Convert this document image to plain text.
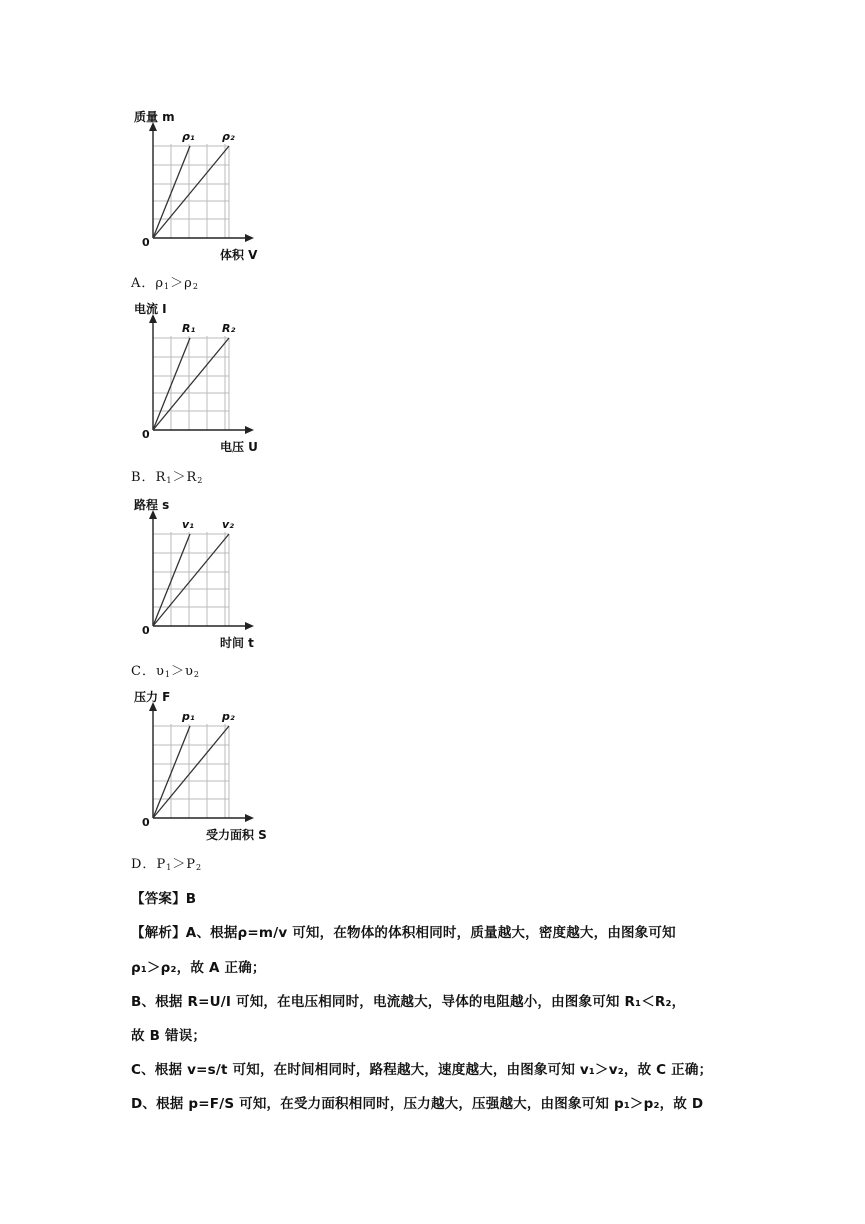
质量 m
ρ₁ ρ₂
0
体积 V
A．$\rho_1>\rho_2$
电流 I
R₁ R₂
0
电压 U
B．$R_1>R_2$
路程 s
v₁	v₂
0
时间 t
C．$\upsilon_1>\upsilon_2$
压力 F
p₁ p₂
0
受力面积 S
D．$P_1>P_2$
【答案】B
【解析】A、根据ρ=m/v 可知，在物体的体积相同时，质量越大，密度越大，由图象可知
ρ₁＞ρ₂，故 A 正确；
B、根据 R=U/I 可知，在电压相同时，电流越大，导体的电阻越小，由图象可知 R₁＜R₂，
故 B 错误；
C、根据 v=s/t 可知，在时间相同时，路程越大，速度越大，由图象可知 v₁＞v₂，故 C 正确；
D、根据 p=F/S 可知，在受力面积相同时，压力越大，压强越大，由图象可知 p₁＞p₂，故 D
